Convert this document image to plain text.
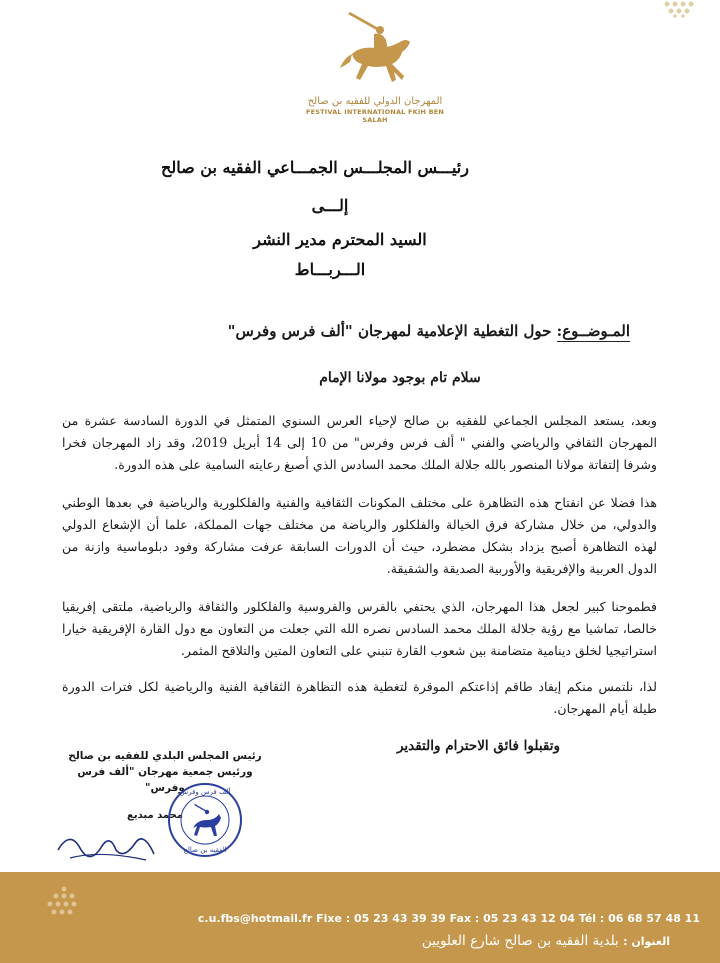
المهرجان الدولي للفقيه بن صالح
FESTIVAL INTERNATIONAL FKIH BEN SALAH
رئيـــس المجلـــس الجمـــاعي الفقيه بن صالح
إلـــى
السيد المحترم مدير النشر
الـــربـــاط
المـوضــوع: حول التغطية الإعلامية لمهرجان "ألف فرس وفرس"
سلام تام بوجود مولانا الإمام
وبعد، يستعد المجلس الجماعي للفقيه بن صالح لإحياء العرس السنوي المتمثل في الدورة السادسة عشرة من المهرجان الثقافي والرياضي والفني " ألف فرس وفرس" من 10 إلى 14 أبريل 2019، وقد زاد المهرجان فخرا وشرفا إلتفاتة مولانا المنصور بالله جلالة الملك محمد السادس الذي أصبغ رعايته السامية على هذه الدورة.
هذا فضلا عن انفتاح هذه التظاهرة على مختلف المكونات الثقافية والفنية والفلكلورية والرياضية في بعدها الوطني والدولي، من خلال مشاركة فرق الخيالة والفلكلور والرياضة من مختلف جهات المملكة، علما أن الإشعاع الدولي لهذه التظاهرة أصبح يزداد بشكل مضطرد، حيث أن الدورات السابقة عرفت مشاركة وفود دبلوماسية وازنة من الدول العربية والإفريقية والأوربية الصديقة والشقيقة.
فطموحنا كبير لجعل هذا المهرجان، الذي يحتفي بالفرس والفروسية والفلكلور والثقافة والرياضية، ملتقى إفريقيا خالصا، تماشيا مع رؤية جلالة الملك محمد السادس نصره الله التي جعلت من التعاون مع دول القارة الإفريقية خيارا استراتيجيا لخلق دينامية متضامنة بين شعوب القارة تنبني على التعاون المتين والتلاقح المثمر.
لذا، نلتمس منكم إيفاد طاقم إذاعتكم الموقرة لتغطية هذه التظاهرة الثقافية الفنية والرياضية لكل فترات الدورة طيلة أيام المهرجان.
وتقبلوا فائق الاحترام والتقدير
رئيس المجلس البلدي للفقيه بن صالح
ورئيس جمعية مهرجان "ألف فرس وفرس"
محمد مبديع
ألف فرس وفرس
الفقيه بن صالح
c.u.fbs@hotmail.fr Fixe : 05 23 43 39 39 Fax : 05 23 43 12 04 Tél : 06 68 57 48 11
العنوان : بلدية الفقيه بن صالح شارع العلويين
